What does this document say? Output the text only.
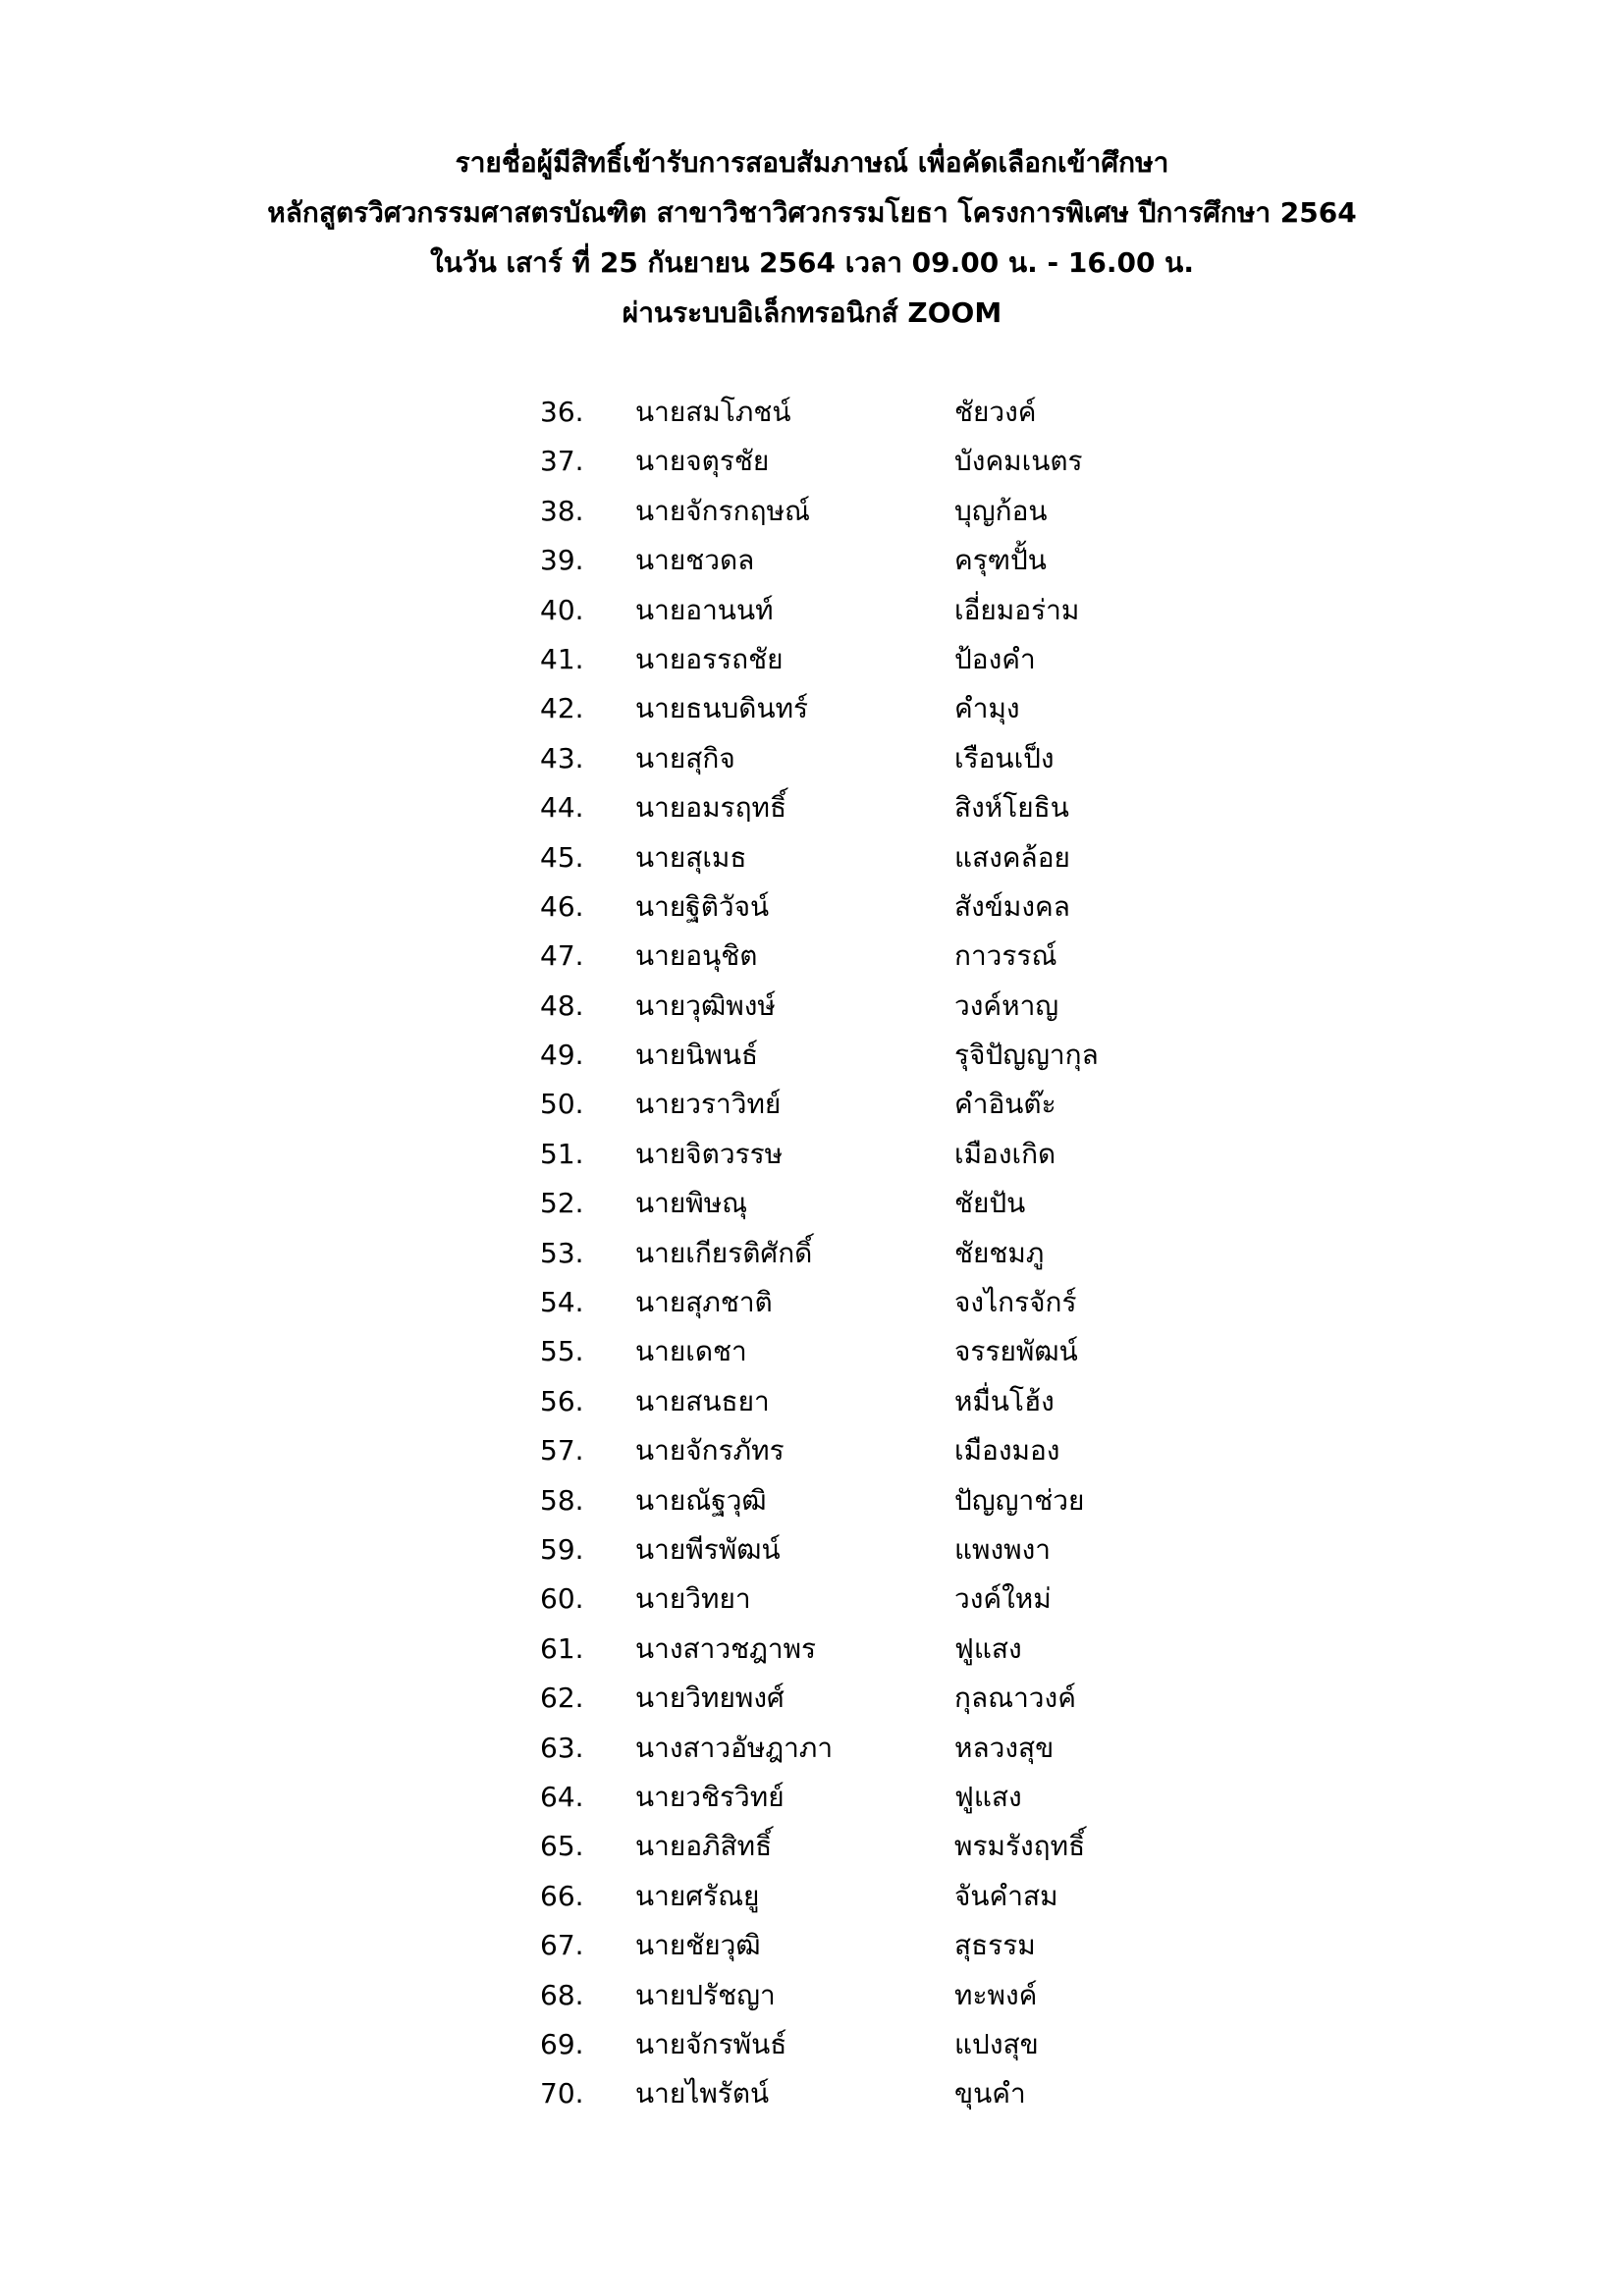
รายชื่อผู้มีสิทธิ์เข้ารับการสอบสัมภาษณ์ เพื่อคัดเลือกเข้าศึกษา
หลักสูตรวิศวกรรมศาสตรบัณฑิต สาขาวิชาวิศวกรรมโยธา โครงการพิเศษ ปีการศึกษา 2564
ในวัน เสาร์ ที่ 25 กันยายน 2564 เวลา 09.00 น. - 16.00 น.
ผ่านระบบอิเล็กทรอนิกส์ ZOOM
36. นายสมโภชน์	ชัยวงค์
37. นายจตุรชัย	บังคมเนตร
38. นายจักรกฤษณ์	บุญก้อน
39. นายชวดล	ครุฑปั้น
40. นายอานนท์	เอี่ยมอร่าม
41. นายอรรถชัย	ป้องคำ
42. นายธนบดินทร์	คำมุง
43. นายสุกิจ	เรือนเป็ง
44. นายอมรฤทธิ์	สิงห์โยธิน
45. นายสุเมธ	แสงคล้อย
46. นายฐิติวัจน์	สังข์มงคล
47. นายอนุชิต	กาวรรณ์
48. นายวุฒิพงษ์	วงค์หาญ
49. นายนิพนธ์	รุจิปัญญากุล
50. นายวราวิทย์	คำอินต๊ะ
51. นายจิตวรรษ	เมืองเกิด
52. นายพิษณุ	ชัยปัน
53. นายเกียรติศักดิ์	ชัยชมภู
54. นายสุภชาติ	จงไกรจักร์
55. นายเดชา	จรรยพัฒน์
56. นายสนธยา	หมื่นโฮ้ง
57. นายจักรภัทร	เมืองมอง
58. นายณัฐวุฒิ	ปัญญาช่วย
59. นายพีรพัฒน์	แพงพงา
60. นายวิทยา	วงค์ใหม่
61. นางสาวชฎาพร	ฟูแสง
62. นายวิทยพงศ์	กุลณาวงค์
63. นางสาวอัษฎาภา	หลวงสุข
64. นายวชิรวิทย์	ฟูแสง
65. นายอภิสิทธิ์	พรมรังฤทธิ์
66. นายศรัณยู	จันคำสม
67. นายชัยวุฒิ	สุธรรม
68. นายปรัชญา	ทะพงค์
69. นายจักรพันธ์	แปงสุข
70. นายไพรัตน์	ขุนคำ
